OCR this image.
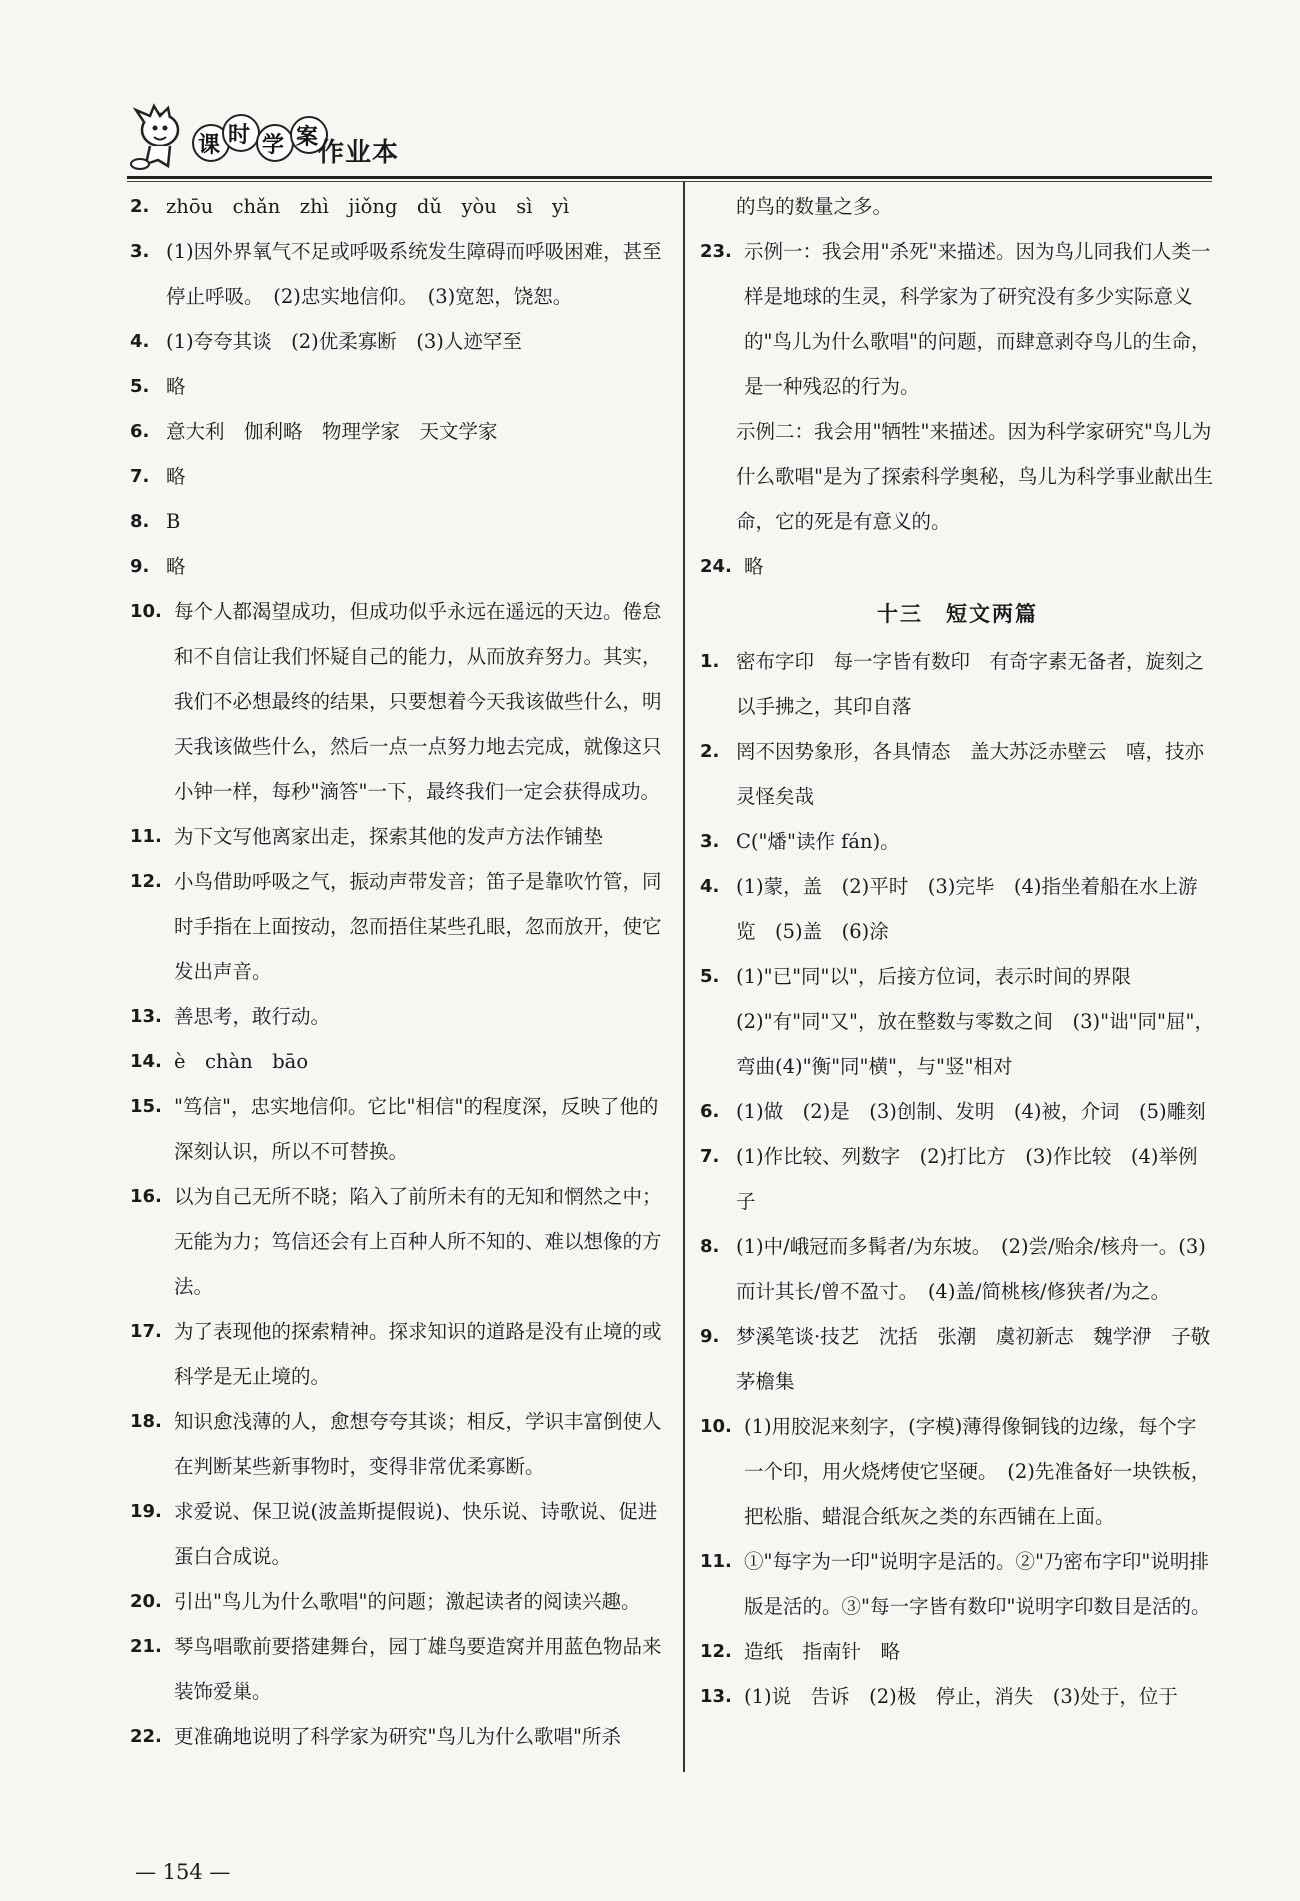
课 时 学 案
作业本
2. zhōu　chǎn　zhì　jiǒng　dǔ　yòu　sì　yì
3. (1)因外界氧气不足或呼吸系统发生障碍而呼吸困难，甚至停止呼吸。　(2)忠实地信仰。　(3)宽恕，饶恕。
4. (1)夸夸其谈　(2)优柔寡断　(3)人迹罕至
5. 略
6. 意大利　伽利略　物理学家　天文学家
7. 略
8. B
9. 略
10. 每个人都渴望成功，但成功似乎永远在遥远的天边。倦怠和不自信让我们怀疑自己的能力，从而放弃努力。其实，我们不必想最终的结果，只要想着今天我该做些什么，明天我该做些什么，然后一点一点努力地去完成，就像这只小钟一样，每秒"滴答"一下，最终我们一定会获得成功。
11. 为下文写他离家出走，探索其他的发声方法作铺垫
12. 小鸟借助呼吸之气，振动声带发音；笛子是靠吹竹管，同时手指在上面按动，忽而捂住某些孔眼，忽而放开，使它发出声音。
13. 善思考，敢行动。
14. è　chàn　bāo
15. "笃信"，忠实地信仰。它比"相信"的程度深，反映了他的深刻认识，所以不可替换。
16. 以为自己无所不晓；陷入了前所未有的无知和惘然之中；无能为力；笃信还会有上百种人所不知的、难以想像的方法。
17. 为了表现他的探索精神。探求知识的道路是没有止境的或科学是无止境的。
18. 知识愈浅薄的人，愈想夸夸其谈；相反，学识丰富倒使人在判断某些新事物时，变得非常优柔寡断。
19. 求爱说、保卫说(波盖斯提假说)、快乐说、诗歌说、促进蛋白合成说。
20. 引出"鸟儿为什么歌唱"的问题；激起读者的阅读兴趣。
21. 琴鸟唱歌前要搭建舞台，园丁雄鸟要造窝并用蓝色物品来装饰爱巢。
22. 更准确地说明了科学家为研究"鸟儿为什么歌唱"所杀
的鸟的数量之多。
23. 示例一：我会用"杀死"来描述。因为鸟儿同我们人类一样是地球的生灵，科学家为了研究没有多少实际意义的"鸟儿为什么歌唱"的问题，而肆意剥夺鸟儿的生命，是一种残忍的行为。
示例二：我会用"牺牲"来描述。因为科学家研究"鸟儿为什么歌唱"是为了探索科学奥秘，鸟儿为科学事业献出生命，它的死是有意义的。
24. 略
十三　短文两篇
1. 密布字印　每一字皆有数印　有奇字素无备者，旋刻之以手拂之，其印自落
2. 罔不因势象形，各具情态　盖大苏泛赤壁云　嘻，技亦灵怪矣哉
3. C("燔"读作 fán)。
4. (1)蒙，盖　(2)平时　(3)完毕　(4)指坐着船在水上游览　(5)盖　(6)涂
5. (1)"已"同"以"，后接方位词，表示时间的界限(2)"有"同"又"，放在整数与零数之间　(3)"诎"同"屈"，弯曲(4)"衡"同"横"，与"竖"相对
6. (1)做　(2)是　(3)创制、发明　(4)被，介词　(5)雕刻
7. (1)作比较、列数字　(2)打比方　(3)作比较　(4)举例子
8. (1)中/峨冠而多髯者/为东坡。　(2)尝/贻余/核舟一。(3)而计其长/曾不盈寸。　(4)盖/简桃核/修狭者/为之。
9. 梦溪笔谈·技艺　沈括　张潮　虞初新志　魏学洢　子敬　茅檐集
10. (1)用胶泥来刻字，(字模)薄得像铜钱的边缘，每个字一个印，用火烧烤使它坚硬。　(2)先准备好一块铁板，把松脂、蜡混合纸灰之类的东西铺在上面。
11. ①"每字为一印"说明字是活的。②"乃密布字印"说明排版是活的。③"每一字皆有数印"说明字印数目是活的。
12. 造纸　指南针　略
13. (1)说　告诉　(2)极　停止，消失　(3)处于，位于
— 154 —
